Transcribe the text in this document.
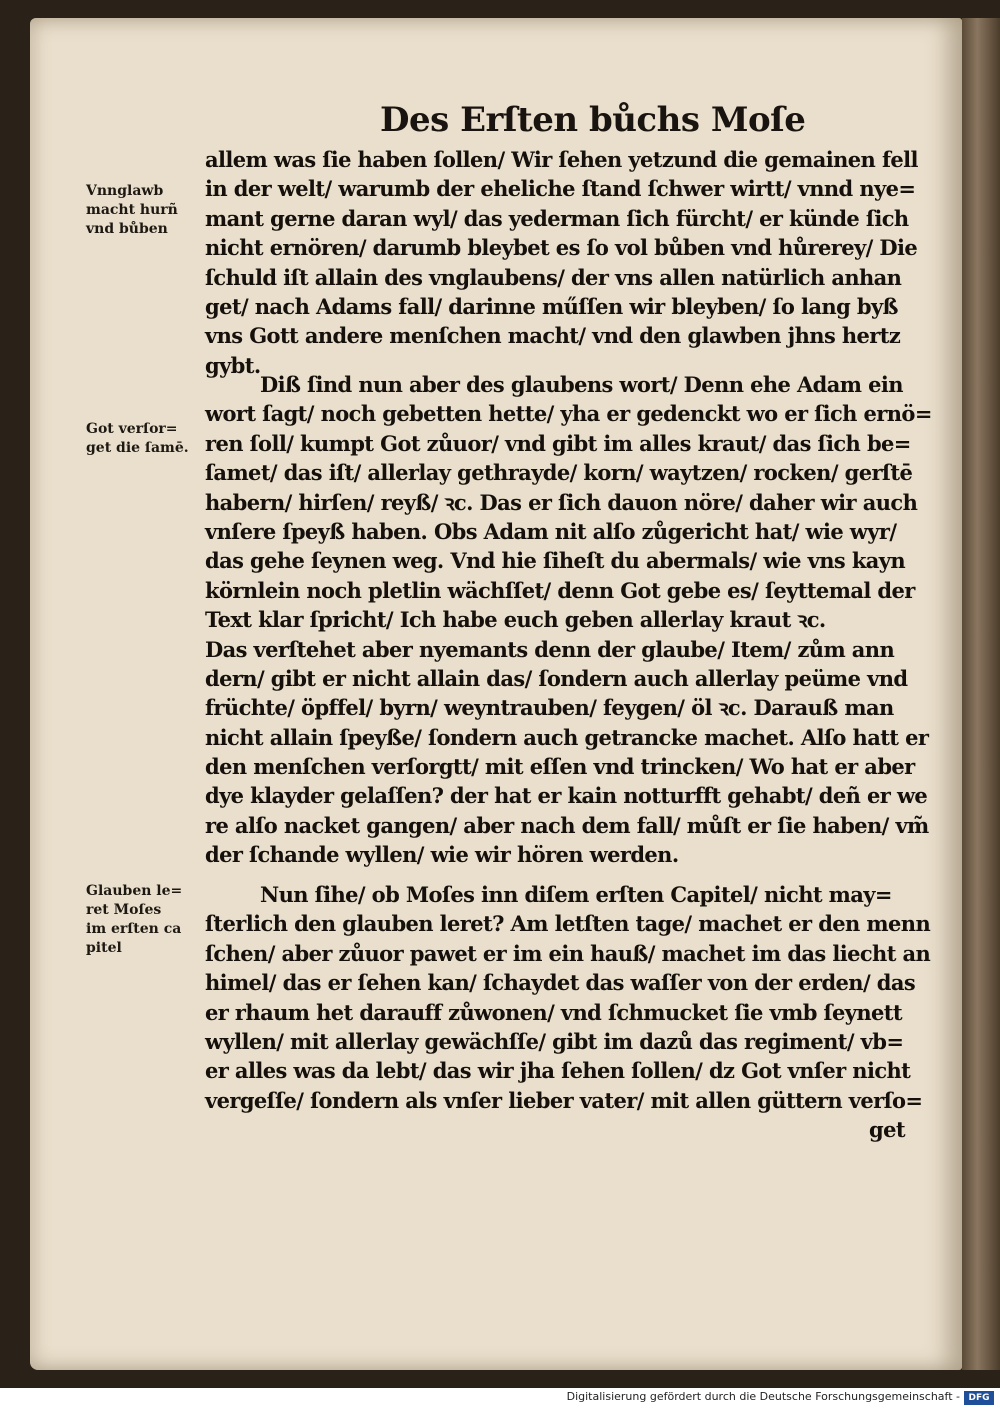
Des Erſten bůchs Moſe
allem was ſie haben ſollen/ Wir ſehen yetzund die gemainen fell
in der welt/ warumb der eheliche ſtand ſchwer wirtt/ vnnd nye=
mant gerne daran wyl/ das yederman ſich fürcht/ er künde ſich
nicht ernören/ darumb bleybet es ſo vol bůben vnd hůrerey/ Die
ſchuld iſt allain des vnglaubens/ der vns allen natürlich anhan
get/ nach Adams fall/ darinne műſſen wir bleyben/ ſo lang byß
vns Gott andere menſchen macht/ vnd den glawben jhns hertz
gybt.
Diß ſind nun aber des glaubens wort/ Denn ehe Adam ein
wort ſagt/ noch gebetten hette/ yha er gedenckt wo er ſich ernö=
ren ſoll/ kumpt Got zůuor/ vnd gibt im alles kraut/ das ſich be=
ſamet/ das iſt/ allerlay gethrayde/ korn/ waytzen/ rocken/ gerſtē
habern/ hirſen/ reyß/ ꝛc. Das er ſich dauon nöre/ daher wir auch
vnſere ſpeyß haben. Obs Adam nit alſo zůgericht hat/ wie wyr/
das gehe ſeynen weg. Vnd hie ſiheſt du abermals/ wie vns kayn
körnlein noch pletlin wächſſet/ denn Got gebe es/ ſeyttemal der
Text klar ſpricht/ Ich habe euch geben allerlay kraut ꝛc.
Das verſtehet aber nyemants denn der glaube/ Item/ zům ann
dern/ gibt er nicht allain das/ ſondern auch allerlay peüme vnd
früchte/ öpffel/ byrn/ weyntrauben/ feygen/ öl ꝛc. Darauß man
nicht allain ſpeyße/ ſondern auch getrancke machet. Alſo hatt er
den menſchen verſorgtt/ mit eſſen vnd trincken/ Wo hat er aber
dye klayder gelaſſen? der hat er kain notturfft gehabt/ deñ er we
re alſo nacket gangen/ aber nach dem fall/ můſt er ſie haben/ vm̃
der ſchande wyllen/ wie wir hören werden.
Nun ſihe/ ob Moſes inn diſem erſten Capitel/ nicht may=
ſterlich den glauben leret? Am letſten tage/ machet er den menn
ſchen/ aber zůuor pawet er im ein hauß/ machet im das liecht an
himel/ das er ſehen kan/ ſchaydet das waſſer von der erden/ das
er rhaum het darauff zůwonen/ vnd ſchmucket ſie vmb ſeynett
wyllen/ mit allerlay gewächſſe/ gibt im dazů das regiment/ vb=
er alles was da lebt/ das wir jha ſehen ſollen/ dz Got vnſer nicht
vergeſſe/ ſondern als vnſer lieber vater/ mit allen güttern verſo=
get
Vnnglawb
macht hurñ
vnd bůben
Got verſor=
get die ſamē.
Glauben le=
ret Moſes
im erſten ca
pitel
Digitalisierung gefördert durch die Deutsche Forschungsgemeinschaft - DFG
